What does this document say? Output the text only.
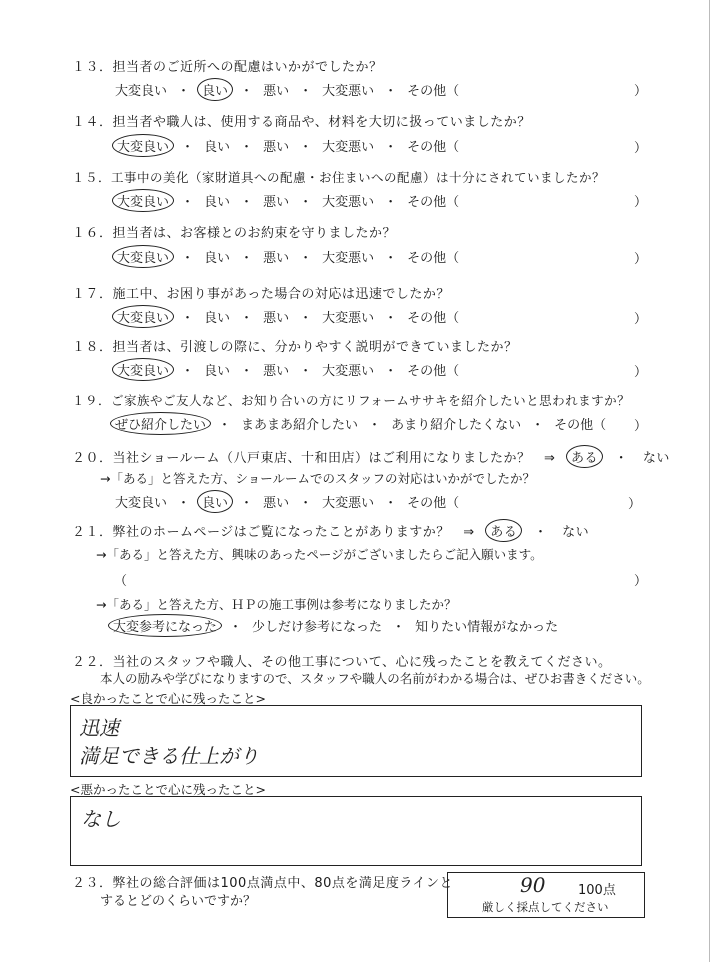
１３．担当者のご近所への配慮はいかがでしたか？
大変良い ・ 良い ・ 悪い ・ 大変悪い ・ その他（	）
１４．担当者や職人は、使用する商品や、材料を大切に扱っていましたか？
大変良い ・ 良い ・ 悪い ・ 大変悪い ・ その他（	）
１５．工事中の美化（家財道具への配慮・お住まいへの配慮）は十分にされていましたか？
大変良い ・ 良い ・ 悪い ・ 大変悪い ・ その他（	）
１６．担当者は、お客様とのお約束を守りましたか？
大変良い ・ 良い ・ 悪い ・ 大変悪い ・ その他（	）
１７．施工中、お困り事があった場合の対応は迅速でしたか？
大変良い ・ 良い ・ 悪い ・ 大変悪い ・ その他（	）
１８．担当者は、引渡しの際に、分かりやすく説明ができていましたか？
大変良い ・ 良い ・ 悪い ・ 大変悪い ・ その他（	）
１９．ご家族やご友人など、お知り合いの方にリフォームササキを紹介したいと思われますか？
ぜひ紹介したい ・ まあまあ紹介したい ・ あまり紹介したくない ・ その他（ ）
２０．当社ショールーム（八戸東店、十和田店）はご利用になりましたか？　⇒ ある ・ ない
→「ある」と答えた方、ショールームでのスタッフの対応はいかがでしたか？
大変良い ・ 良い ・ 悪い ・ 大変悪い ・ その他（	）
２１．弊社のホームページはご覧になったことがありますか？　⇒ ある ・ ない
→「ある」と答えた方、興味のあったページがございましたらご記入願います。
（	）
→「ある」と答えた方、ＨＰの施工事例は参考になりましたか？
大変参考になった ・ 少しだけ参考になった ・ 知りたい情報がなかった
２２．当社のスタッフや職人、その他工事について、心に残ったことを教えてください。
本人の励みや学びになりますので、スタッフや職人の名前がわかる場合は、ぜひお書きください。
<良かったことで心に残ったこと>
迅速
満足できる仕上がり
<悪かったことで心に残ったこと>
なし
２３．弊社の総合評価は100点満点中、80点を満足度ラインと
するとどのくらいですか？
90	100点
厳しく採点してください
